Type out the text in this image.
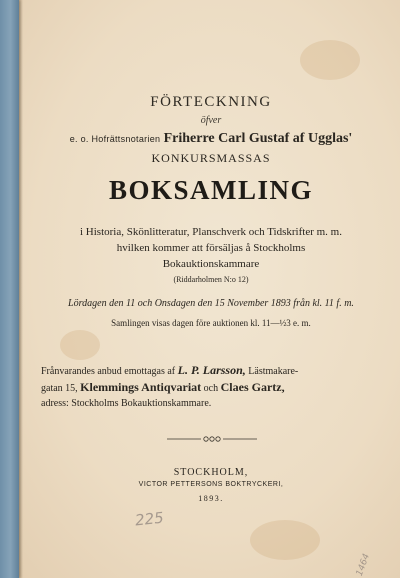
FÖRTECKNING
öfver
e. o. Hofrättsnotarien Friherre Carl Gustaf af Ugglas'
KONKURSMASSAS
BOKSAMLING
i Historia, Skönlitteratur, Planschverk och Tidskrifter m. m.
hvilken kommer att försäljas å Stockholms
Bokauktionskammare
(Riddarholmen N:o 12)
Lördagen den 11 och Onsdagen den 15 November 1893 från kl. 11 f. m.
Samlingen visas dagen före auktionen kl. 11—½3 e. m.
Frånvarandes anbud emottagas af L. P. Larsson, Lästmakare-
gatan 15, Klemmings Antiqvariat och Claes Gartz,
adress: Stockholms Bokauktionskammare.
STOCKHOLM,
VICTOR PETTERSONS BOKTRYCKERI,
1893.
225
1464
